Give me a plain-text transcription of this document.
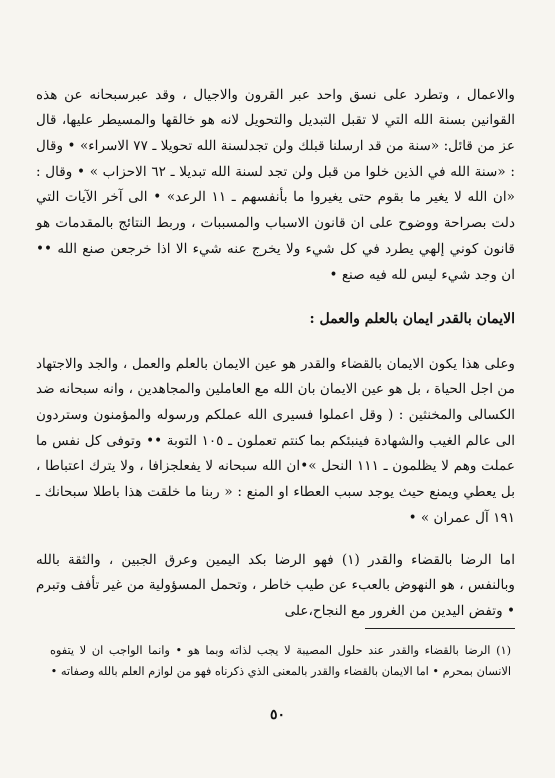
والاعمال ، وتطرد على نسق واحد عبر القرون والاجيال ، وقد عبرسبحانه عن هذه القوانين بسنة الله التي لا تقبل التبديل والتحويل لانه هو خالقها والمسيطر عليها، قال عز من قائل: «سنة من قد ارسلنا قبلك ولن تجدلسنة الله تحويلا ـ ٧٧ الاسراء» • وقال : «سنة الله في الذين خلوا من قبل ولن تجد لسنة الله تبديلا ـ ٦٢ الاحزاب » • وقال : «ان الله لا يغير ما بقوم حتى يغيروا ما بأنفسهم ـ ١١ الرعد» • الى آخر الآيات التي دلت بصراحة ووضوح على ان قانون الاسباب والمسببات ، وربط النتائج بالمقدمات هو قانون كوني إلهي يطرد في كل شيء ولا يخرج عنه شيء الا اذا خرجعن صنع الله •• ان وجد شيء ليس لله فيه صنع •

الايمان بالقدر ايمان بالعلم والعمل :

وعلى هذا يكون الايمان بالقضاء والقدر هو عين الايمان بالعلم والعمل ، والجد والاجتهاد من اجل الحياة ، بل هو عين الايمان بان الله مع العاملين والمجاهدين ، وانه سبحانه ضد الكسالى والمخنثين : ( وقل اعملوا فسيرى الله عملكم ورسوله والمؤمنون وستردون الى عالم الغيب والشهادة فينبئكم بما كنتم تعملون ـ ١٠٥ التوبة •• وتوفى كل نفس ما عملت وهم لا يظلمون ـ ١١١ النحل »•ان الله سبحانه لا يفعلجزافا ، ولا يترك اعتباطا ، بل يعطي ويمنع حيث يوجد سبب العطاء او المنع : « ربنا ما خلقت هذا باطلا سبحانك ـ ١٩١ آل عمران » •

اما الرضا بالقضاء والقدر (١) فهو الرضا بكد اليمين وعرق الجبين ، والثقة بالله وبالنفس ، هو النهوض بالعبء عن طيب خاطر ، وتحمل المسؤولية من غير تأفف وتبرم • وتفض اليدين من الغرور مع النجاح،على

(١) الرضا بالقضاء والقدر عند حلول المصيبة لا يجب لذاته وبما هو • وانما الواجب ان لا يتفوه الانسان بمحرم • اما الايمان بالقضاء والقدر بالمعنى الذي ذكرناه فهو من لوازم العلم بالله وصفاته •

٥٠
